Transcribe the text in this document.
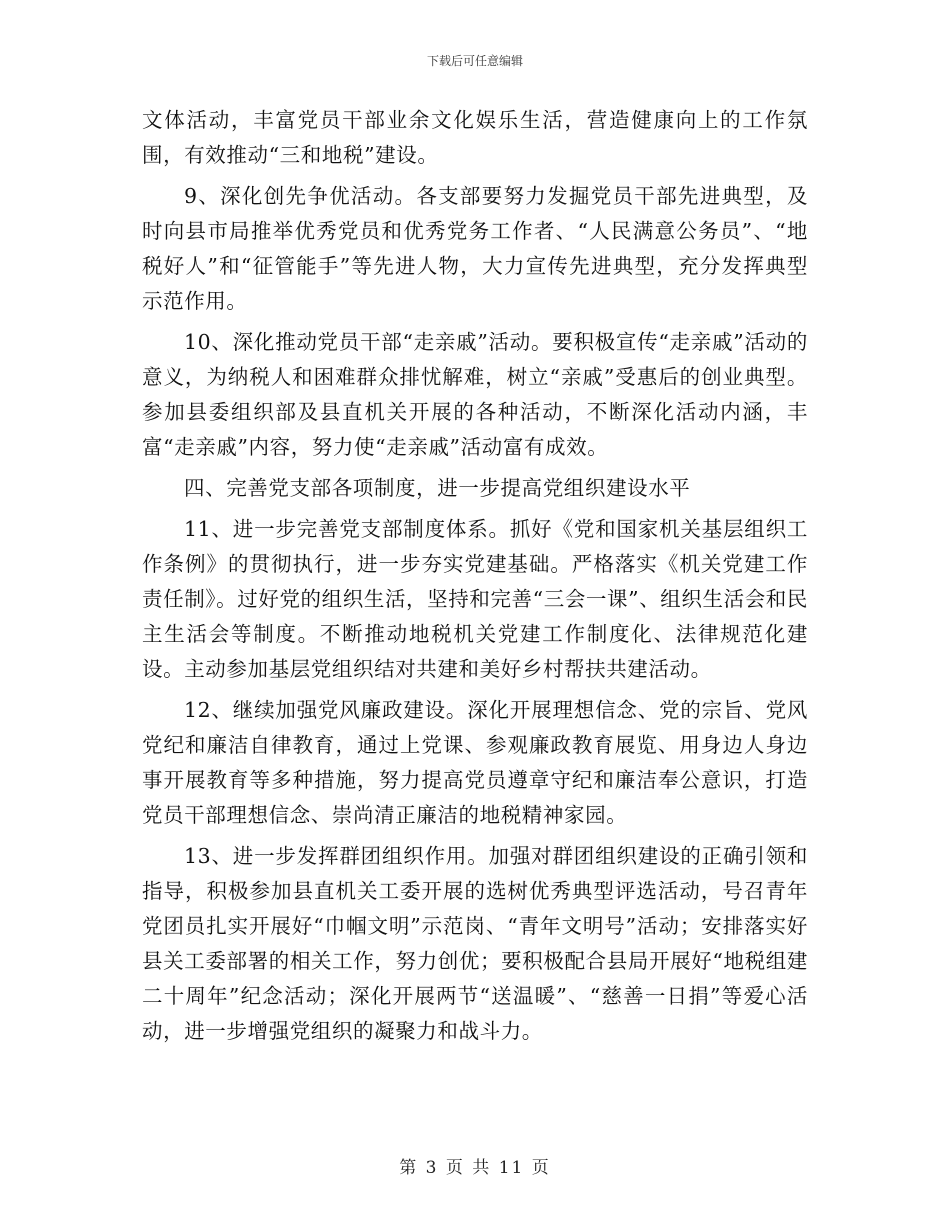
下载后可任意编辑

文体活动，丰富党员干部业余文化娱乐生活，营造健康向上的工作氛围，有效推动“三和地税”建设。

9、深化创先争优活动。各支部要努力发掘党员干部先进典型，及时向县市局推举优秀党员和优秀党务工作者、“人民满意公务员”、“地税好人”和“征管能手”等先进人物，大力宣传先进典型，充分发挥典型示范作用。

10、深化推动党员干部“走亲戚”活动。要积极宣传“走亲戚”活动的意义，为纳税人和困难群众排忧解难，树立“亲戚”受惠后的创业典型。参加县委组织部及县直机关开展的各种活动，不断深化活动内涵，丰富“走亲戚”内容，努力使“走亲戚”活动富有成效。

四、完善党支部各项制度，进一步提高党组织建设水平

11、进一步完善党支部制度体系。抓好《党和国家机关基层组织工作条例》的贯彻执行，进一步夯实党建基础。严格落实《机关党建工作责任制》。过好党的组织生活，坚持和完善“三会一课”、组织生活会和民主生活会等制度。不断推动地税机关党建工作制度化、法律规范化建设。主动参加基层党组织结对共建和美好乡村帮扶共建活动。

12、继续加强党风廉政建设。深化开展理想信念、党的宗旨、党风党纪和廉洁自律教育，通过上党课、参观廉政教育展览、用身边人身边事开展教育等多种措施，努力提高党员遵章守纪和廉洁奉公意识，打造党员干部理想信念、崇尚清正廉洁的地税精神家园。

13、进一步发挥群团组织作用。加强对群团组织建设的正确引领和指导，积极参加县直机关工委开展的选树优秀典型评选活动，号召青年党团员扎实开展好“巾帼文明”示范岗、“青年文明号”活动；安排落实好县关工委部署的相关工作，努力创优；要积极配合县局开展好“地税组建二十周年”纪念活动；深化开展两节“送温暖”、“慈善一日捐”等爱心活动，进一步增强党组织的凝聚力和战斗力。

第 3 页 共 11 页
